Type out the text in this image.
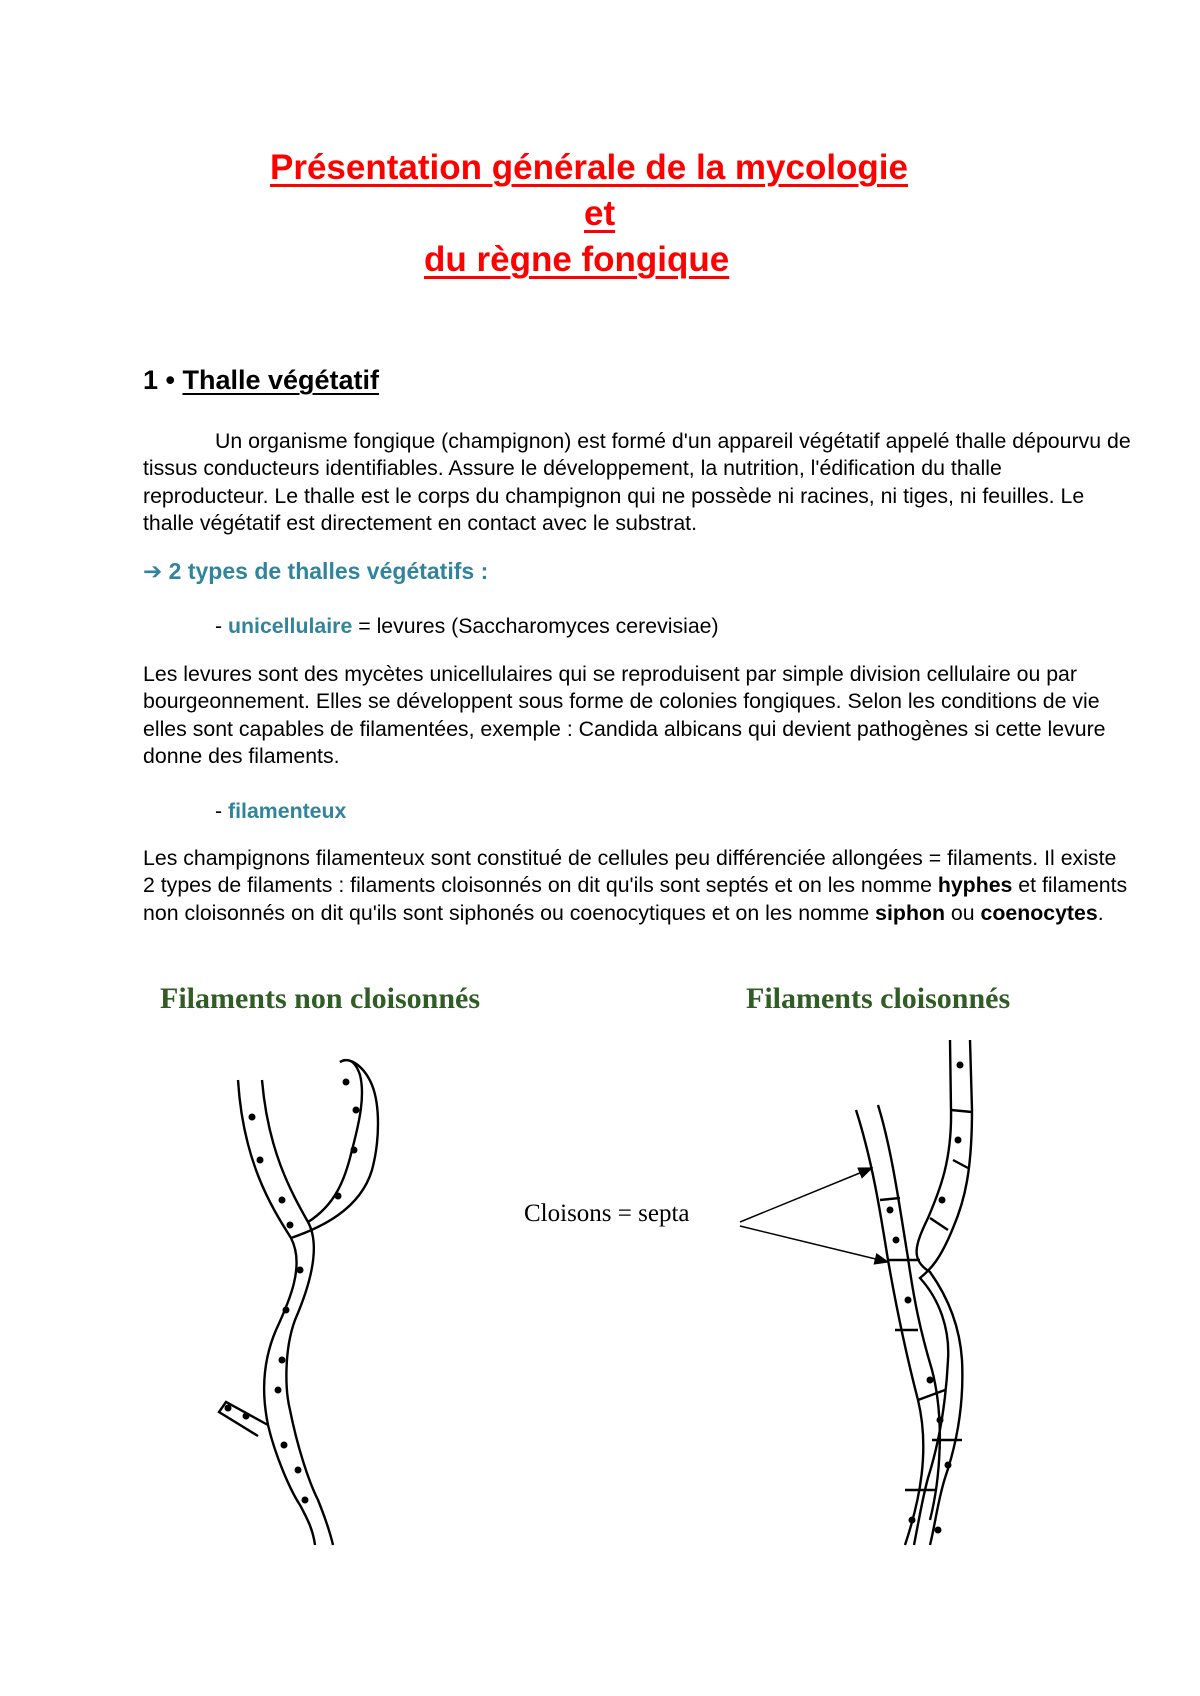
Présentation générale de la mycologie
et
du règne fongique
1 • Thalle végétatif
Un organisme fongique (champignon) est formé d'un appareil végétatif appelé thalle dépourvu de tissus conducteurs identifiables. Assure le développement, la nutrition, l'édification du thalle reproducteur. Le thalle est le corps du champignon qui ne possède ni racines, ni tiges, ni feuilles. Le thalle végétatif est directement en contact avec le substrat.
➔ 2 types de thalles végétatifs :
- unicellulaire = levures (Saccharomyces cerevisiae)
Les levures sont des mycètes unicellulaires qui se reproduisent par simple division cellulaire ou par bourgeonnement. Elles se développent sous forme de colonies fongiques. Selon les conditions de vie elles sont capables de filamentées, exemple : Candida albicans qui devient pathogènes si cette levure donne des filaments.
- filamenteux
Les champignons filamenteux sont constitué de cellules peu différenciée allongées = filaments. Il existe 2 types de filaments : filaments cloisonnés on dit qu'ils sont septés et on les nomme hyphes et filaments non cloisonnés on dit qu'ils sont siphonés ou coenocytiques et on les nomme siphon ou coenocytes.
Filaments non cloisonnés	Filaments cloisonnés
Cloisons = septa
